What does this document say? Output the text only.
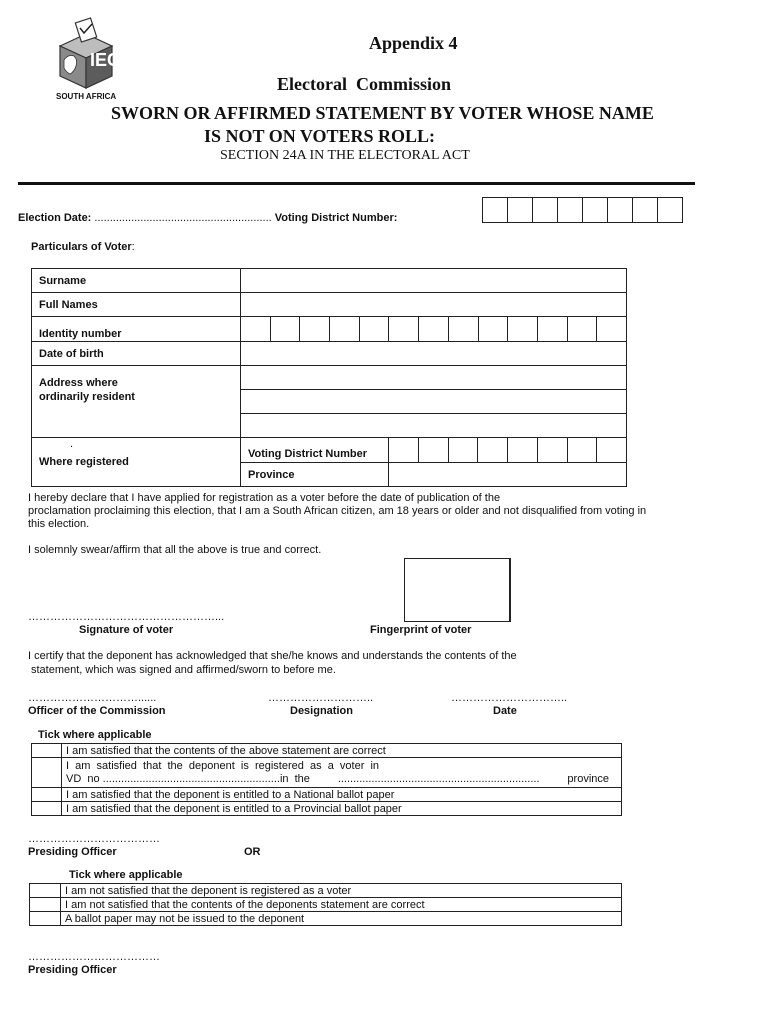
IEC
SOUTH AFRICA
Appendix 4
Electoral  Commission
SWORN OR AFFIRMED STATEMENT BY VOTER WHOSE NAME
IS NOT ON VOTERS ROLL:
SECTION 24A IN THE ELECTORAL ACT
Election Date: .......................................................... Voting District Number:
Particulars of Voter:
Surname		
Full Names		
Identity number		

Date of birth		

Address where
ordinarily resident		

.
Where registered	Voting District Number	

	Province	
I hereby declare that I have applied for registration as a voter before the date of publication of the
proclamation proclaiming this election, that I am a South African citizen, am 18 years or older and not disqualified from voting in
this election.
I solemnly swear/affirm that all the above is true and correct.
……………………………………………...
Signature of voter	Fingerprint of voter
I certify that the deponent has acknowledged that she/he knows and understands the contents of the
statement, which was signed and affirmed/sworn to before me.
…………………………......	………………………..	…………………………..
Officer of the Commission	Designation	Date
Tick where applicable
	I am satisfied that the contents of the above statement are correct

	I  am  satisfied  that  the  deponent  is  registered  as  a  voter  in
VD  no ..........................................................in  the .................................................................. province

	I am satisfied that the deponent is entitled to a National ballot paper
	I am satisfied that the deponent is entitled to a Provincial ballot paper
………………………………
Presiding Officer	OR
Tick where applicable
	I am not satisfied that the deponent is registered as a voter
	I am not satisfied that the contents of the deponents statement are correct
	A ballot paper may not be issued to the deponent
………………………………
Presiding Officer
